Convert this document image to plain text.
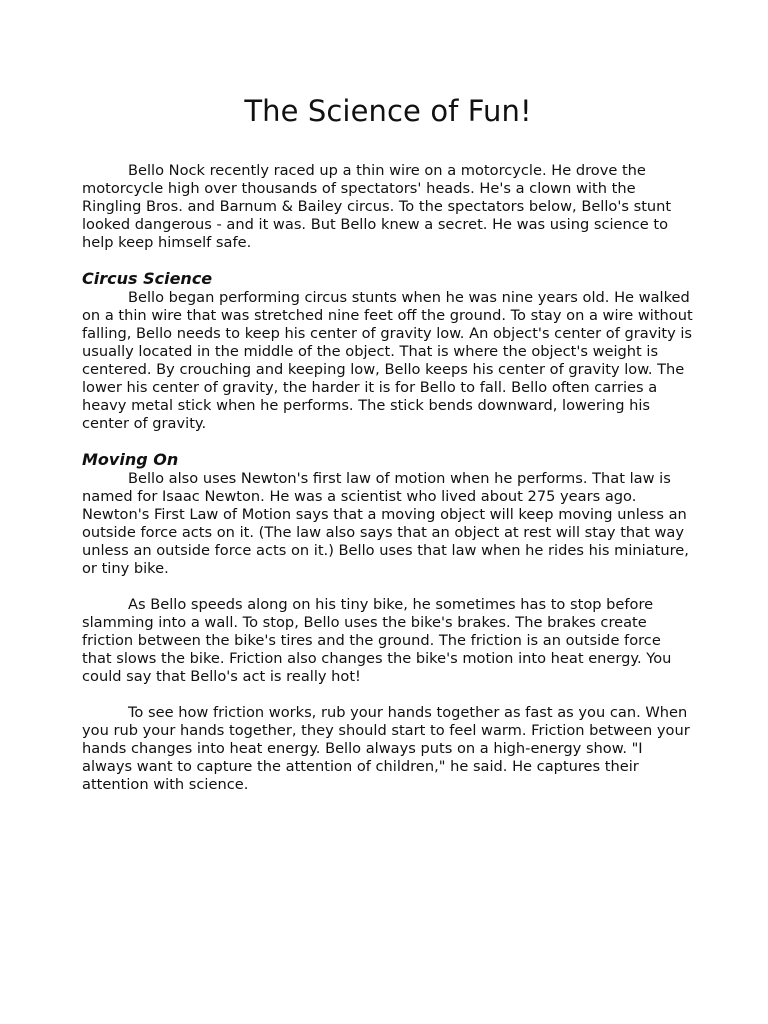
The Science of Fun!

Bello Nock recently raced up a thin wire on a motorcycle. He drove the motorcycle high over thousands of spectators' heads. He's a clown with the Ringling Bros. and Barnum & Bailey circus. To the spectators below, Bello's stunt looked dangerous - and it was. But Bello knew a secret. He was using science to help keep himself safe.

Circus Science

Bello began performing circus stunts when he was nine years old. He walked on a thin wire that was stretched nine feet off the ground. To stay on a wire without falling, Bello needs to keep his center of gravity low. An object's center of gravity is usually located in the middle of the object. That is where the object's weight is centered. By crouching and keeping low, Bello keeps his center of gravity low. The lower his center of gravity, the harder it is for Bello to fall. Bello often carries a heavy metal stick when he performs. The stick bends downward, lowering his center of gravity.

Moving On

Bello also uses Newton's first law of motion when he performs. That law is named for Isaac Newton. He was a scientist who lived about 275 years ago. Newton's First Law of Motion says that a moving object will keep moving unless an outside force acts on it. (The law also says that an object at rest will stay that way unless an outside force acts on it.) Bello uses that law when he rides his miniature, or tiny bike.

As Bello speeds along on his tiny bike, he sometimes has to stop before slamming into a wall. To stop, Bello uses the bike's brakes. The brakes create friction between the bike's tires and the ground. The friction is an outside force that slows the bike. Friction also changes the bike's motion into heat energy. You could say that Bello's act is really hot!

To see how friction works, rub your hands together as fast as you can. When you rub your hands together, they should start to feel warm. Friction between your hands changes into heat energy. Bello always puts on a high-energy show. "I always want to capture the attention of children," he said. He captures their attention with science.
